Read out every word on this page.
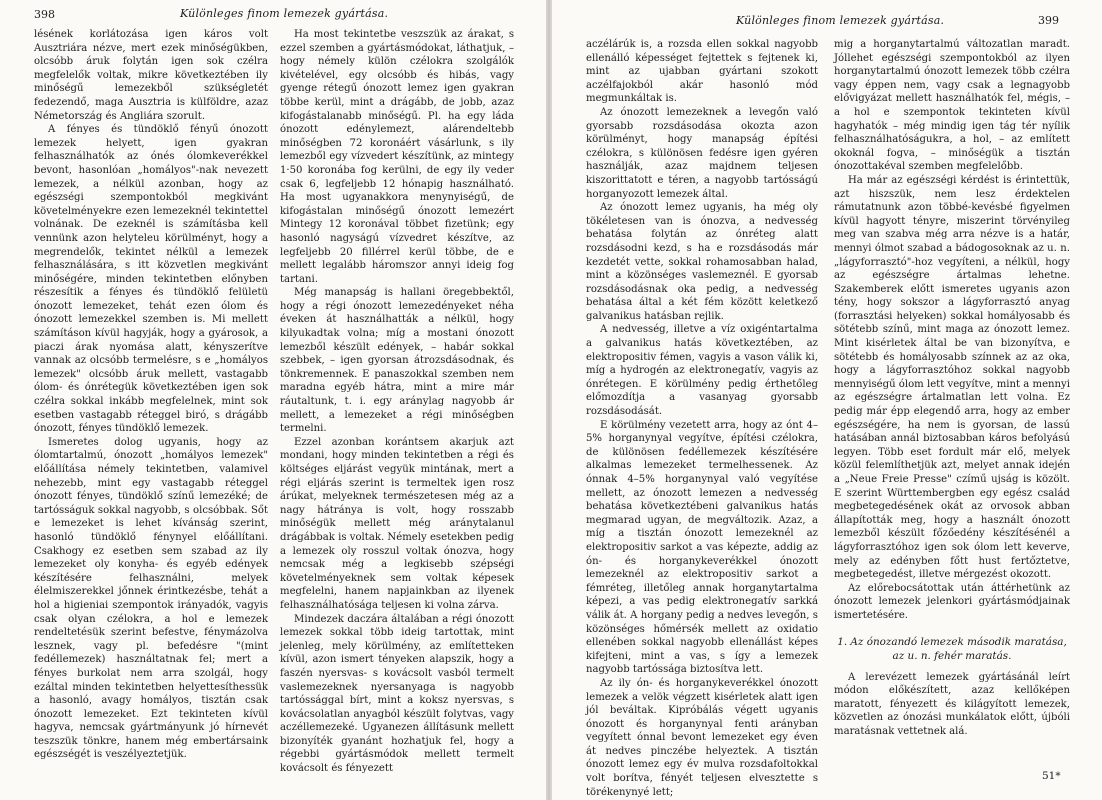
398	Különleges finom lemezek gyártása.

lésének korlátozása igen káros volt Ausztriára nézve, mert ezek minőségükben, olcsóbb áruk folytán igen sok czélra megfelelők voltak, mikre következtében ily minőségű lemezekből szükségletét fedezendő, maga Ausztria is külföldre, azaz Németország és Angliára szorult.

A fényes és tündöklő fényű ónozott lemezek helyett, igen gyakran felhasználhatók az ónés ólomkeverékkel bevont, hasonlóan „homályos"-nak nevezett lemezek, a nélkül azonban, hogy az egészségi szempontokból megkivánt követelményekre ezen lemezeknél tekintettel volnának. De ezeknél is számításba kell vennünk azon helyteleu körülményt, hogy a megrendelők, tekintet nélkül a lemezek felhasználására, s itt közvetlen megkivánt minőségére, minden tekintetben előnyben részesítik a fényes és tündöklő felületü ónozott lemezeket, tehát ezen ólom és ónozott lemezekkel szemben is. Mi mellett számításon kívül hagyják, hogy a gyárosok, a piaczi árak nyomása alatt, kényszerítve vannak az olcsóbb termelésre, s e „homályos lemezek" olcsóbb áruk mellett, vastagabb ólom- és ónrétegük következtében igen sok czélra sokkal inkább megfelelnek, mint sok esetben vastagabb réteggel biró, s drágább ónozott, fényes tündöklő lemezek.

Ismeretes dolog ugyanis, hogy az ólomtartalmú, ónozott „homályos lemezek" előállítása némely tekintetben, valamivel nehezebb, mint egy vastagabb réteggel ónozott fényes, tündöklő színű lemezéké; de tartósságuk sokkal nagyobb, s olcsóbbak. Sőt e lemezeket is lehet kívánság szerint, hasonló tündöklő fénynyel előállítani. Csakhogy ez esetben sem szabad az ily lemezeket oly konyha- és egyéb edények készítésére felhasználni, melyek élelmiszerekkel jőnnek érintkezésbe, tehát a hol a higieniai szempontok irányadók, vagyis csak olyan czélokra, a hol e lemezek rendeltetésük szerint befestve, fénymázolva lesznek, vagy pl. befedésre "(mint fedéllemezek) használtatnak fel; mert a fényes burkolat nem arra szolgál, hogy ezáltal minden tekintetben helyettesíthessük a hasonló, avagy homályos, tisztán csak ónozott lemezeket. Ezt tekinteten kívül hagyva, nemcsak gyártmányunk jó hírnevét teszszük tönkre, hanem még embertársaink egészségét is veszélyeztetjük.

Ha most tekintetbe veszszük az árakat, s ezzel szemben a gyártásmódokat, láthatjuk, – hogy némely külön czélokra szolgálók kivételével, egy olcsóbb és hibás, vagy gyenge rétegű ónozott lemez igen gyakran többe kerül, mint a drágább, de jobb, azaz kifogástalanabb minőségű. Pl. ha egy láda ónozott edénylemezt, alárendeltebb minőségben 72 koronáért vásárlunk, s ily lemezből egy vízvedert készítünk, az mintegy 1·50 koronába fog kerülni, de egy ily veder csak 6, legfeljebb 12 hónapig használható. Ha most ugyanakkora menynyiségű, de kifogástalan minőségű ónozott lemezért Mintegy 12 koronával többet fizetünk; egy hasonló nagyságú vízvedret készítve, az legfeljebb 20 fillérrel kerül többe, de e mellett legalább háromszor annyi ideig fog tartani.

Még manapság is hallani öregebbektől, hogy a régi ónozott lemezedényeket néha éveken át használhatták a nélkül, hogy kilyukadtak volna; míg a mostani ónozott lemezből készült edények, – habár sokkal szebbek, – igen gyorsan átrozsdásodnak, és tönkremennek. E panaszokkal szemben nem maradna egyéb hátra, mint a mire már ráutaltunk, t. i. egy aránylag nagyobb ár mellett, a lemezeket a régi minőségben termelni.

Ezzel azonban korántsem akarjuk azt mondani, hogy minden tekintetben a régi és költséges eljárást vegyük mintának, mert a régi eljárás szerint is termeltek igen rosz árúkat, melyeknek természetesen még az a nagy hátránya is volt, hogy rosszabb minőségük mellett még aránytalanul drágábbak is voltak. Némely esetekben pedig a lemezek oly rosszul voltak ónozva, hogy nemcsak még a legkisebb szépségi követelményeknek sem voltak képesek megfelelni, hanem napjainkban az ilyenek felhasználhatósága teljesen ki volna zárva.

Mindezek daczára általában a régi ónozott lemezek sokkal több ideig tartottak, mint jelenleg, mely körülmény, az említetteken kívül, azon ismert tényeken alapszik, hogy a faszén nyersvas- s kovácsolt vasból termelt vaslemezeknek nyersanyaga is nagyobb tartóssággal bírt, mint a koksz nyersvas, s kovácsolatlan anyagból készült folytvas, vagy aczéllemezeké. Ugyanezen állításunk mellett bizonyíték gyanánt hozhatjuk fel, hogy a régebbi gyártásmódok mellett termelt kovácsolt és fényezett

Különleges finom lemezek gyártása.	399

aczélárúk is, a rozsda ellen sokkal nagyobb ellenálló képességet fejtettek s fejtenek ki, mint az ujabban gyártani szokott aczélfajokból akár hasonló mód megmunkáltak is.

Az ónozott lemezeknek a levegőn való gyorsabb rozsdásodása okozta azon körülményt, hogy manapság építési czélokra, s különösen fedésre igen gyéren használják, azaz majdnem teljesen kiszorittatott e téren, a nagyobb tartósságú horganyozott lemezek által.

Az ónozott lemez ugyanis, ha még oly tökéletesen van is ónozva, a nedvesség behatása folytán az ónréteg alatt rozsdásodni kezd, s ha e rozsdásodás már kezdetét vette, sokkal rohamosabban halad, mint a közönséges vaslemeznél. E gyorsab rozsdásodásnak oka pedig, a nedvesség behatása által a két fém között keletkező galvanikus hatásban rejlik.

A nedvesség, illetve a víz oxigéntartalma a galvanikus hatás következtében, az elektropositiv fémen, vagyis a vason válik ki, míg a hydrogén az elektronegatív, vagyis az ónrétegen. E körülmény pedig érthetőleg előmozdítja a vasanyag gyorsabb rozsdásodását.

E körülmény vezetett arra, hogy az ónt 4–5% horganynyal vegyítve, építési czélokra, de különösen fedéllemezek készítésére alkalmas lemezeket termelhessenek. Az ónnak 4–5% horganynyal való vegyítése mellett, az ónozott lemezen a nedvesség behatása következtébeni galvanikus hatás megmarad ugyan, de megváltozik. Azaz, a míg a tisztán ónozott lemezeknél az elektropositiv sarkot a vas képezte, addig az ón- és horganykeverékkel ónozott lemezeknél az elektropositiv sarkot a fémréteg, illetőleg annak horganytartalma képezi, a vas pedig elektronegatív sarkká válik át. A horgany pedig a nedves levegőn, s közönséges hőmérsék mellett az oxidatio ellenében sokkal nagyobb ellenállást képes kifejteni, mint a vas, s így a lemezek nagyobb tartóssága biztosítva lett.

Az ily ón- és horganykeverékkel ónozott lemezek a velök végzett kisérletek alatt igen jól beváltak. Kipróbálás végett ugyanis ónozott és horganynyal fenti arányban vegyített ónnal bevont lemezeket egy éven át nedves pinczébe helyeztek. A tisztán ónozott lemez egy év mulva rozsdafoltokkal volt borítva, fényét teljesen elvesztette s törékenynyé lett;

mig a horganytartalmú változatlan maradt. Jóllehet egészségi szempontokból az ilyen horganytartalmú ónozott lemezek több czélra vagy éppen nem, vagy csak a legnagyobb elővigyázat mellett használhatók fel, mégis, – a hol e szempontok tekinteten kívül hagyhatók – még mindig igen tág tér nyílik felhasználhatóságukra, a hol, – az említett okoknál fogva, – minőségük a tisztán ónozottakéval szemben megfelelőbb.

Ha már az egészségi kérdést is érintettük, azt hiszszük, nem lesz érdektelen rámutatnunk azon többé-kevésbé figyelmen kívül hagyott tényre, miszerint törvényileg meg van szabva még arra nézve is a határ, mennyi ólmot szabad a bádogosoknak az u. n. „lágyforrasztó"-hoz vegyíteni, a nélkül, hogy az egészségre ártalmas lehetne. Szakemberek előtt ismeretes ugyanis azon tény, hogy sokszor a lágyforrasztó anyag (forrasztási helyeken) sokkal homályosabb és sötétebb színű, mint maga az ónozott lemez. Mint kisérletek által be van bizonyítva, e sötétebb és homályosabb színnek az az oka, hogy a lágyforrasztóhoz sokkal nagyobb mennyiségű ólom lett vegyítve, mint a mennyi az egészségre ártalmatlan lett volna. Ez pedig már épp elegendő arra, hogy az ember egészségére, ha nem is gyorsan, de lassú hatásában annál biztosabban káros befolyású legyen. Több eset fordult már elő, melyek közül felemlíthetjük azt, melyet annak idején a „Neue Freie Presse" czímű ujság is közölt. E szerint Württembergben egy egész család megbetegedésének okát az orvosok abban állapították meg, hogy a használt ónozott lemezből készült főzőedény készítésénél a lágyforrasztóhoz igen sok ólom lett keverve, mely az edényben főtt hust fertőztetve, megbetegedést, illetve mérgezést okozott.

Az előrebocsátottak után áttérhetünk az ónozott lemezek jelenkori gyártásmódjainak ismertetésére.

1. Az ónozandó lemezek második maratása, az u. n. fehér maratás.

A lerevézett lemezek gyártásánál leírt módon előkészített, azaz kellőképen maratott, fényezett és kilágyított lemezek, közvetlen az ónozási munkálatok előtt, újbóli maratásnak vettetnek alá.

51*
